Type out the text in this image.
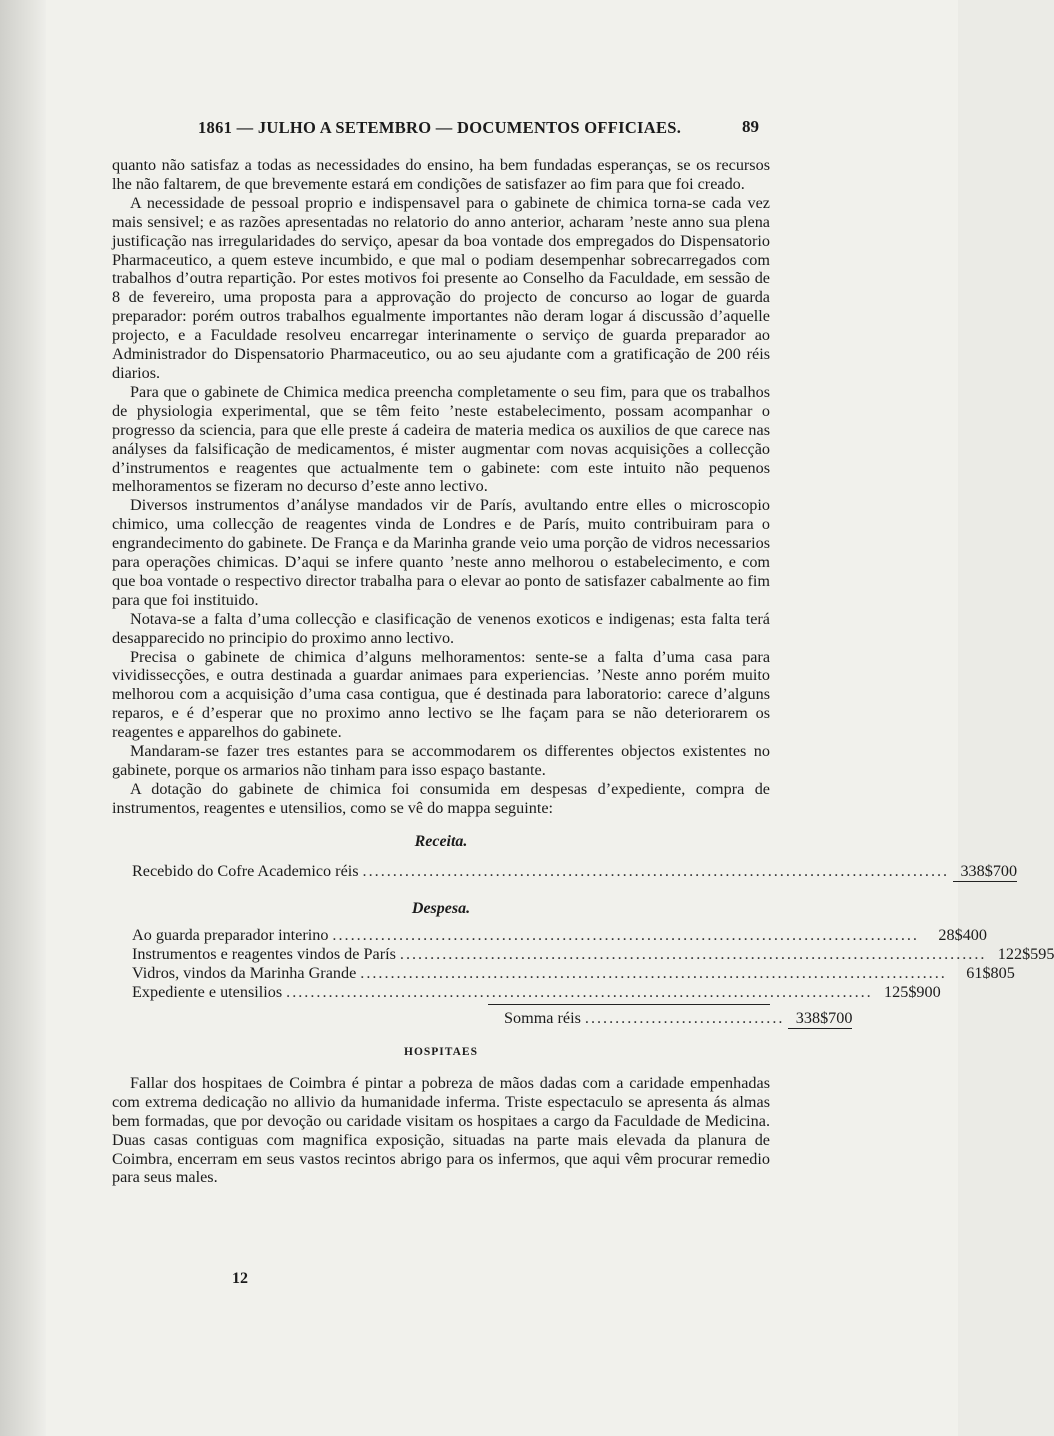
1861 — JULHO A SETEMBRO — DOCUMENTOS OFFICIAES.	89

quanto não satisfaz a todas as necessidades do ensino, ha bem fundadas esperanças, se os recursos lhe não faltarem, de que brevemente estará em condições de satisfazer ao fim para que foi creado.

A necessidade de pessoal proprio e indispensavel para o gabinete de chimica torna-se cada vez mais sensivel; e as razões apresentadas no relatorio do anno anterior, acharam ’neste anno sua plena justificação nas irregularidades do serviço, apesar da boa vontade dos empregados do Dispensatorio Pharmaceutico, a quem esteve incumbido, e que mal o podiam desempenhar sobrecarregados com trabalhos d’outra repartição. Por estes motivos foi presente ao Conselho da Faculdade, em sessão de 8 de fevereiro, uma proposta para a approvação do projecto de concurso ao logar de guarda preparador: porém outros trabalhos egualmente importantes não deram logar á discussão d’aquelle projecto, e a Faculdade resolveu encarregar interinamente o serviço de guarda preparador ao Administrador do Dispensatorio Pharmaceutico, ou ao seu ajudante com a gratificação de 200 réis diarios.

Para que o gabinete de Chimica medica preencha completamente o seu fim, para que os trabalhos de physiologia experimental, que se têm feito ’neste estabelecimento, possam acompanhar o progresso da sciencia, para que elle preste á cadeira de materia medica os auxilios de que carece nas anályses da falsificação de medicamentos, é mister augmentar com novas acquisições a collecção d’instrumentos e reagentes que actualmente tem o gabinete: com este intuito não pequenos melhoramentos se fizeram no decurso d’este anno lectivo.

Diversos instrumentos d’anályse mandados vir de París, avultando entre elles o microscopio chimico, uma collecção de reagentes vinda de Londres e de París, muito contribuiram para o engrandecimento do gabinete. De França e da Marinha grande veio uma porção de vidros necessarios para operações chimicas. D’aqui se infere quanto ’neste anno melhorou o estabelecimento, e com que boa vontade o respectivo director trabalha para o elevar ao ponto de satisfazer cabalmente ao fim para que foi instituido.

Notava-se a falta d’uma collecção e clasificação de venenos exoticos e indigenas; esta falta terá desapparecido no principio do proximo anno lectivo.

Precisa o gabinete de chimica d’alguns melhoramentos: sente-se a falta d’uma casa para vividissecções, e outra destinada a guardar animaes para experiencias. ’Neste anno porém muito melhorou com a acquisição d’uma casa contigua, que é destinada para laboratorio: carece d’alguns reparos, e é d’esperar que no proximo anno lectivo se lhe façam para se não deteriorarem os reagentes e apparelhos do gabinete.

Mandaram-se fazer tres estantes para se accommodarem os differentes objectos existentes no gabinete, porque os armarios não tinham para isso espaço bastante.

A dotação do gabinete de chimica foi consumida em despesas d’expediente, compra de instrumentos, reagentes e utensilios, como se vê do mappa seguinte:

Receita.
Recebido do Cofre Academico réis ................................................................................................. 338$700
Despesa.
Ao guarda preparador interino .................................................................................................	28$400
Instrumentos e reagentes vindos de París ................................................................................................. 122$595
Vidros, vindos da Marinha Grande .................................................................................................	61$805
Expediente e utensilios ................................................................................................. 125$900
Somma réis ................................. 338$700
HOSPITAES

Fallar dos hospitaes de Coimbra é pintar a pobreza de mãos dadas com a caridade empenhadas com extrema dedicação no allivio da humanidade inferma. Triste espectaculo se apresenta ás almas bem formadas, que por devoção ou caridade visitam os hospitaes a cargo da Faculdade de Medicina. Duas casas contiguas com magnifica exposição, situadas na parte mais elevada da planura de Coimbra, encerram em seus vastos recintos abrigo para os infermos, que aqui vêm procurar remedio para seus males.

12
